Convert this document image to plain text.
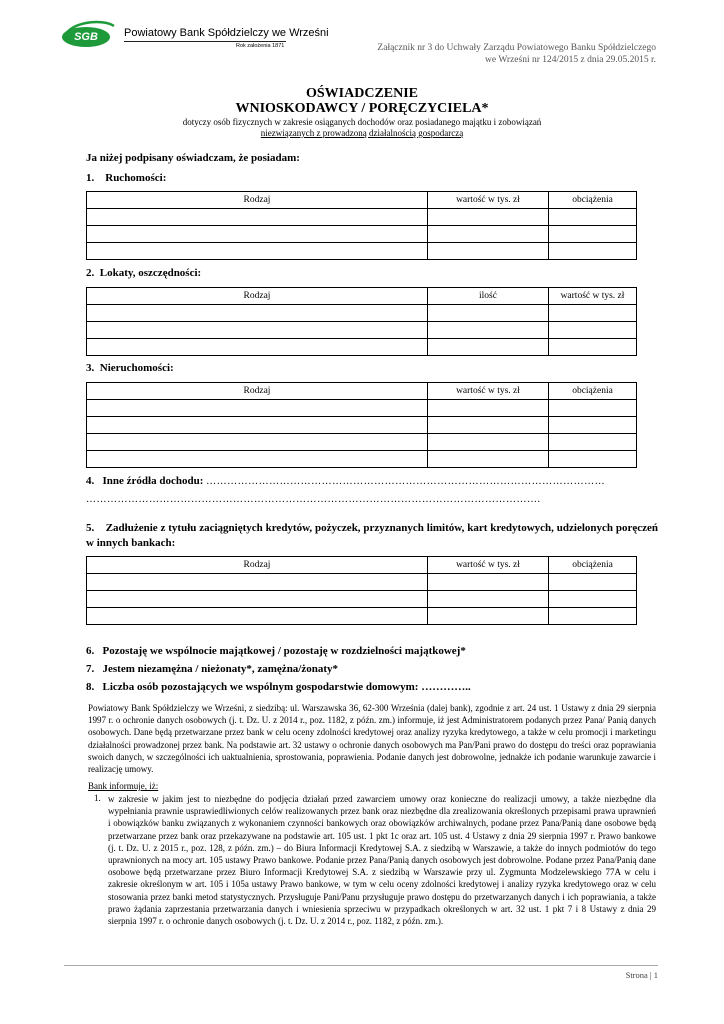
SGB	Powiatowy Bank Spółdzielczy we Wrześni
Rok założenia 1871	Załącznik nr 3 do Uchwały Zarządu Powiatowego Banku Spółdzielczego
we Wrześni nr 124/2015 z dnia 29.05.2015 r.
OŚWIADCZENIE
WNIOSKODAWCY / PORĘCZYCIELA*
dotyczy osób fizycznych w zakresie osiąganych dochodów oraz posiadanego majątku i zobowiązań
niezwiązanych z prowadzoną działalnością gospodarczą
Ja niżej podpisany oświadczam, że posiadam:
1. Ruchomości:
Rodzaj	wartość w tys. zł	obciążenia

2. Lokaty, oszczędności:
Rodzaj	ilość	wartość w tys. zł

3. Nieruchomości:
Rodzaj	wartość w tys. zł	obciążenia

4. Inne źródła dochodu: ……………………………………………………………………………………………………
………………………………………………………………………………………………………………….
5. Zadłużenie z tytułu zaciągniętych kredytów, pożyczek, przyznanych limitów, kart kredytowych, udzielonych poręczeń w innych bankach:
Rodzaj	wartość w tys. zł	obciążenia

6. Pozostaję we wspólnocie majątkowej / pozostaję w rozdzielności majątkowej*
7. Jestem niezamężna / nieżonaty*, zamężna/żonaty*
8. Liczba osób pozostających we wspólnym gospodarstwie domowym: …………..
Powiatowy Bank Spółdzielczy we Wrześni, z siedzibą: ul. Warszawska 36, 62-300 Września (dalej bank), zgodnie z art. 24 ust. 1 Ustawy z dnia 29 sierpnia 1997 r. o ochronie danych osobowych (j. t. Dz. U. z 2014 r., poz. 1182, z późn. zm.) informuje, iż jest Administratorem podanych przez Pana/ Panią danych osobowych. Dane będą przetwarzane przez bank w celu oceny zdolności kredytowej oraz analizy ryzyka kredytowego, a także w celu promocji i marketingu działalności prowadzonej przez bank. Na podstawie art. 32 ustawy o ochronie danych osobowych ma Pan/Pani prawo do dostępu do treści oraz poprawiania swoich danych, w szczególności ich uaktualnienia, sprostowania, poprawienia. Podanie danych jest dobrowolne, jednakże ich podanie warunkuje zawarcie i realizację umowy.
Bank informuje, iż:
1. w zakresie w jakim jest to niezbędne do podjęcia działań przed zawarciem umowy oraz konieczne do realizacji umowy, a także niezbędne dla wypełniania prawnie usprawiedliwionych celów realizowanych przez bank oraz niezbędne dla zrealizowania określonych przepisami prawa uprawnień i obowiązków banku związanych z wykonaniem czynności bankowych oraz obowiązków archiwalnych, podane przez Pana/Panią dane osobowe będą przetwarzane przez bank oraz przekazywane na podstawie art. 105 ust. 1 pkt 1c oraz art. 105 ust. 4 Ustawy z dnia 29 sierpnia 1997 r. Prawo bankowe (j. t. Dz. U. z 2015 r., poz. 128, z późn. zm.) – do Biura Informacji Kredytowej S.A. z siedzibą w Warszawie, a także do innych podmiotów do tego uprawnionych na mocy art. 105 ustawy Prawo bankowe. Podanie przez Pana/Panią danych osobowych jest dobrowolne. Podane przez Pana/Panią dane osobowe będą przetwarzane przez Biuro Informacji Kredytowej S.A. z siedzibą w Warszawie przy ul. Zygmunta Modzelewskiego 77A w celu i zakresie określonym w art. 105 i 105a ustawy Prawo bankowe, w tym w celu oceny zdolności kredytowej i analizy ryzyka kredytowego oraz w celu stosowania przez banki metod statystycznych. Przysługuje Pani/Panu przysługuje prawo dostępu do przetwarzanych danych i ich poprawiania, a także prawo żądania zaprzestania przetwarzania danych i wniesienia sprzeciwu w przypadkach określonych w art. 32 ust. 1 pkt 7 i 8 Ustawy z dnia 29 sierpnia 1997 r. o ochronie danych osobowych (j. t. Dz. U. z 2014 r., poz. 1182, z późn. zm.).
Strona | 1
